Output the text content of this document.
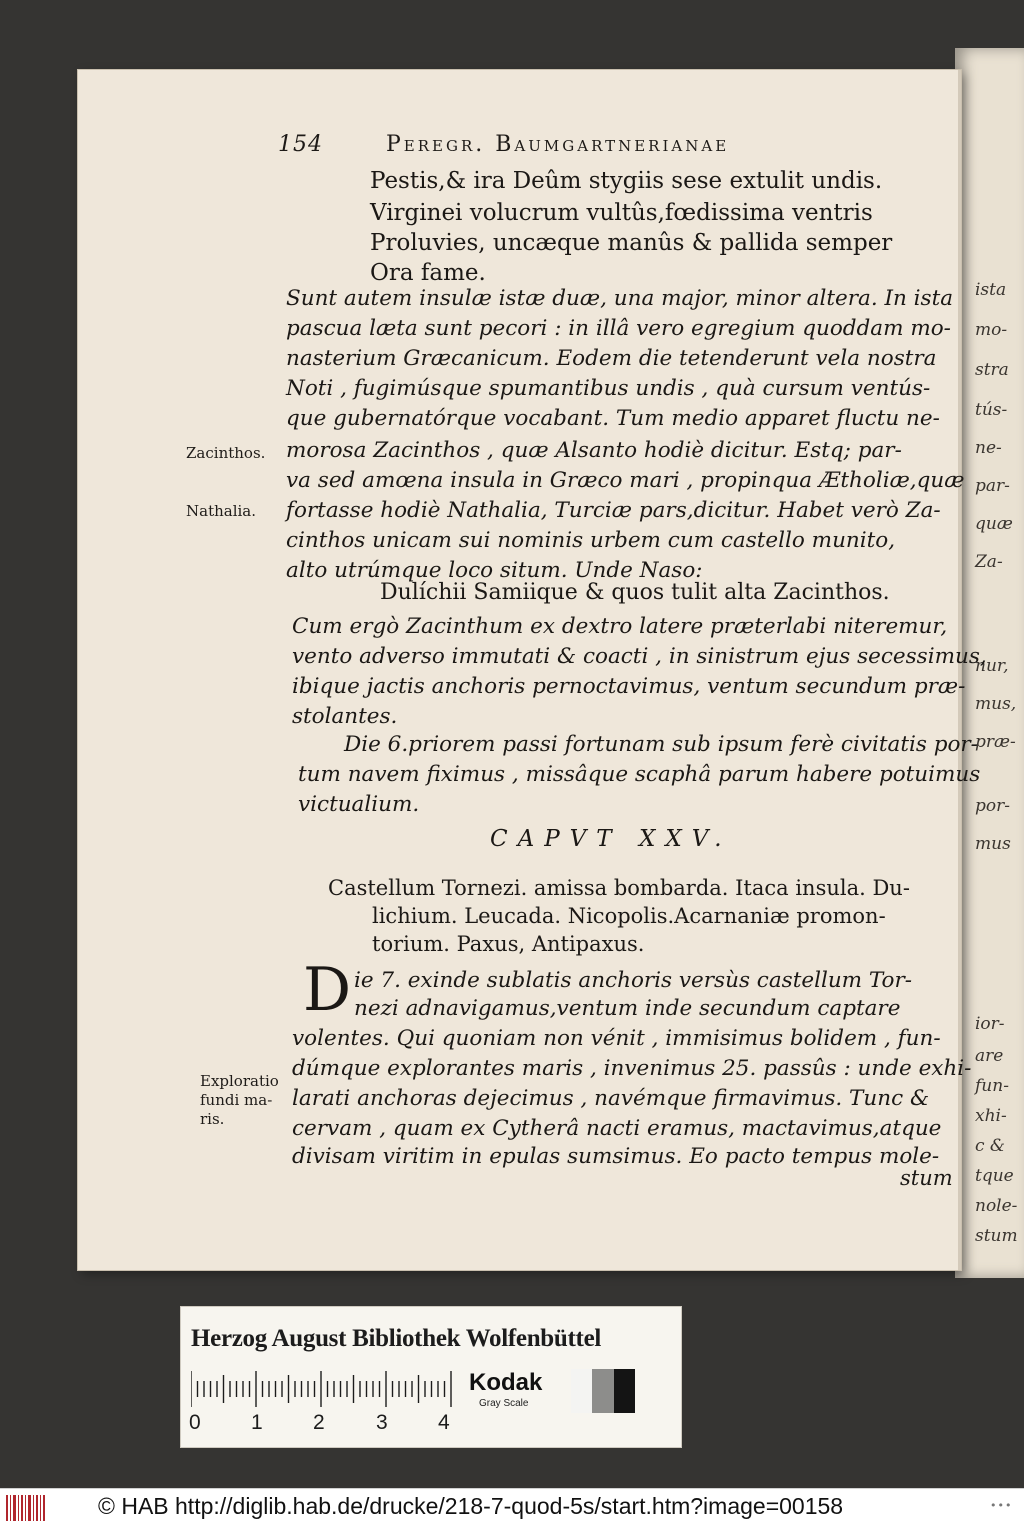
ista
mo-
stra
tús-
ne-
par-
quæ
Za-
nur,
mus,
præ-
por-
mus
ior-
are
fun-
xhi-
c &
tque
nole-
stum
154	Peregr. Baumgartnerianae
Pestis,& ira Deûm stygiis sese extulit undis.
Virginei volucrum vultûs,fœdissima ventris
Proluvies, uncæque manûs & pallida semper
Ora fame.
Sunt autem insulæ istæ duæ, una major, minor altera. In ista
pascua læta sunt pecori : in illâ vero egregium quoddam mo-
nasterium Græcanicum. Eodem die tetenderunt vela nostra
Noti , fugimúsque spumantibus undis , quà cursum ventús-
que gubernatórque vocabant. Tum medio apparet fluctu ne-
morosa Zacinthos , quæ Alsanto hodiè dicitur. Estq; par-
va sed amœna insula in Græco mari , propinqua Ætholiæ,quæ
fortasse hodiè Nathalia, Turciæ pars,dicitur. Habet verò Za-
cinthos unicam sui nominis urbem cum castello munito,
alto utrúmque loco situm. Unde Naso:
Dulíchii Samiique & quos tulit alta Zacinthos.
Cum ergò Zacinthum ex dextro latere præterlabi niteremur,
vento adverso immutati & coacti , in sinistrum ejus secessimus,
ibique jactis anchoris pernoctavimus, ventum secundum præ-
stolantes.
Die 6.priorem passi fortunam sub ipsum ferè civitatis por-
tum navem fiximus , missâque scaphâ parum habere potuimus
victualium.
Castellum Tornezi. amissa bombarda. Itaca insula. Du-
lichium. Leucada. Nicopolis.Acarnaniæ promon-
torium. Paxus, Antipaxus.
ie 7. exinde sublatis anchoris versùs castellum Tor-
nezi adnavigamus,ventum inde secundum captare
volentes. Qui quoniam non vénit , immisimus bolidem , fun-
dúmque explorantes maris , invenimus 25. passûs : unde exhi-
larati anchoras dejecimus , navémque firmavimus. Tunc &
cervam , quam ex Cytherâ nacti eramus, mactavimus,atque
divisam viritim in epulas sumsimus. Eo pacto tempus mole-
CAPVT XXV.
D
stum
Zacinthos.
Nathalia.
Exploratio
fundi ma-
ris.
Herzog August Bibliothek Wolfenbüttel
0 1 2 3 4
Kodak
Gray Scale
© HAB http://diglib.hab.de/drucke/218-7-quod-5s/start.htm?image=00158	•••
